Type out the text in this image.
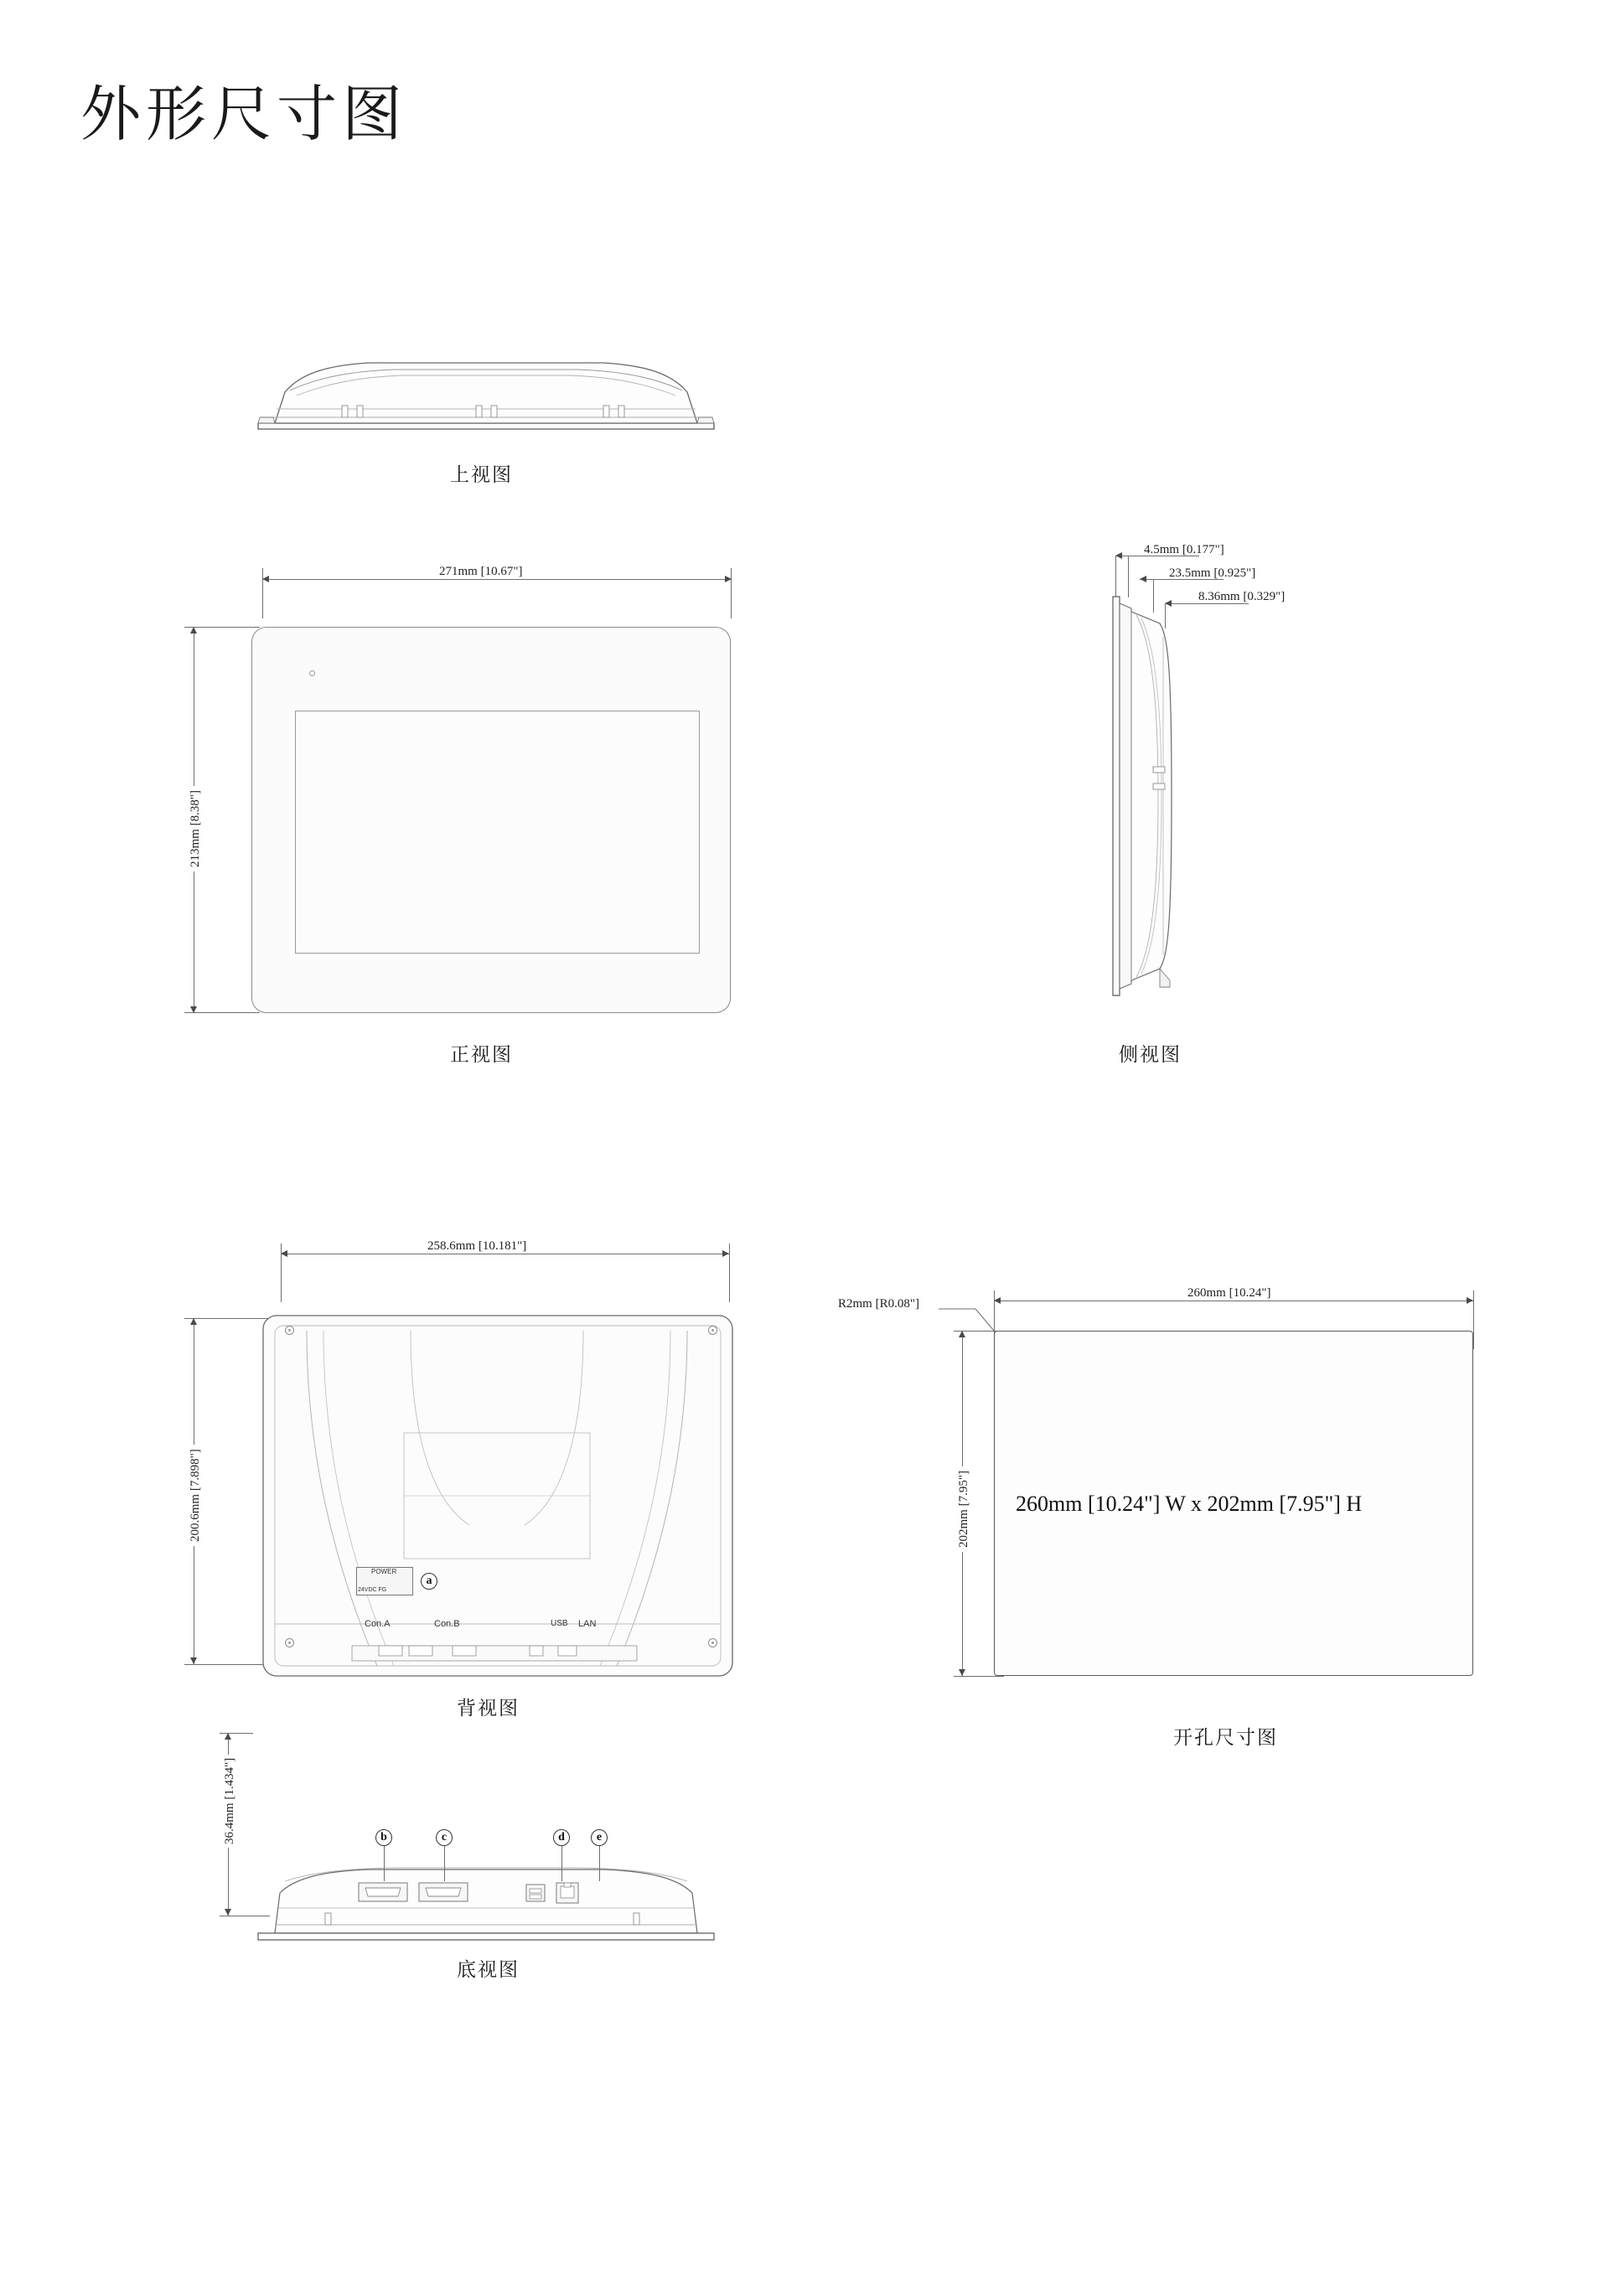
外形尺寸图
上视图
271mm [10.67"]
213mm [8.38"]
正视图
4.5mm [0.177"]
23.5mm [0.925"]
8.36mm [0.329"]
侧视图
258.6mm [10.181"]
200.6mm [7.898"]
POWER
24VDC FG
a
Con.A	Con.B	USB LAN
背视图
36.4mm [1.434"]	b	c	d	e
底视图
260mm [10.24"]
202mm [7.95"]
R2mm [R0.08"]
260mm [10.24"] W x 202mm [7.95"] H
开孔尺寸图
